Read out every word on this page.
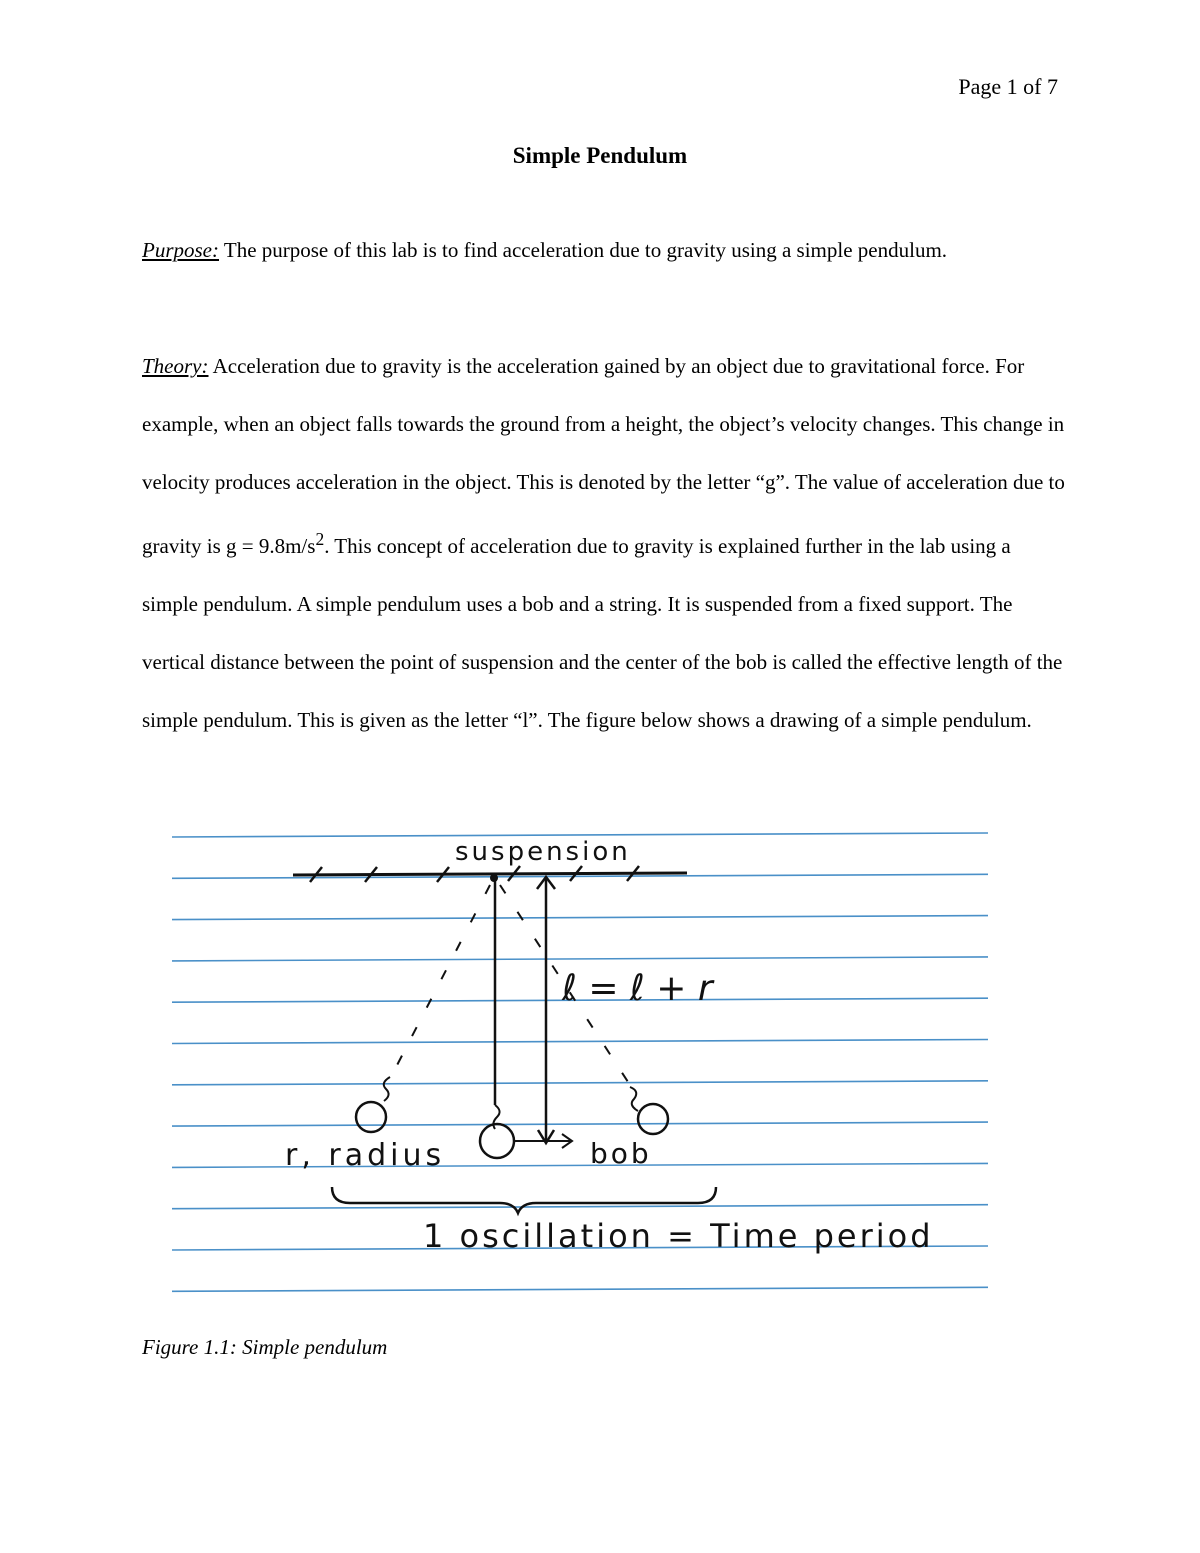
Page 1 of 7
Simple Pendulum
Purpose: The purpose of this lab is to find acceleration due to gravity using a simple pendulum.
Theory: Acceleration due to gravity is the acceleration gained by an object due to gravitational force. For example, when an object falls towards the ground from a height, the object’s velocity changes. This change in velocity produces acceleration in the object. This is denoted by the letter “g”. The value of acceleration due to gravity is $g = 9.8m/s^2$. This concept of acceleration due to gravity is explained further in the lab using a simple pendulum. A simple pendulum uses a bob and a string. It is suspended from a fixed support. The vertical distance between the point of suspension and the center of the bob is called the effective length of the simple pendulum. This is given as the letter “l”. The figure below shows a drawing of a simple pendulum.
suspension
ℓ = ℓ + r
r, radius	bob
1 oscillation = Time period
Figure 1.1: Simple pendulum
